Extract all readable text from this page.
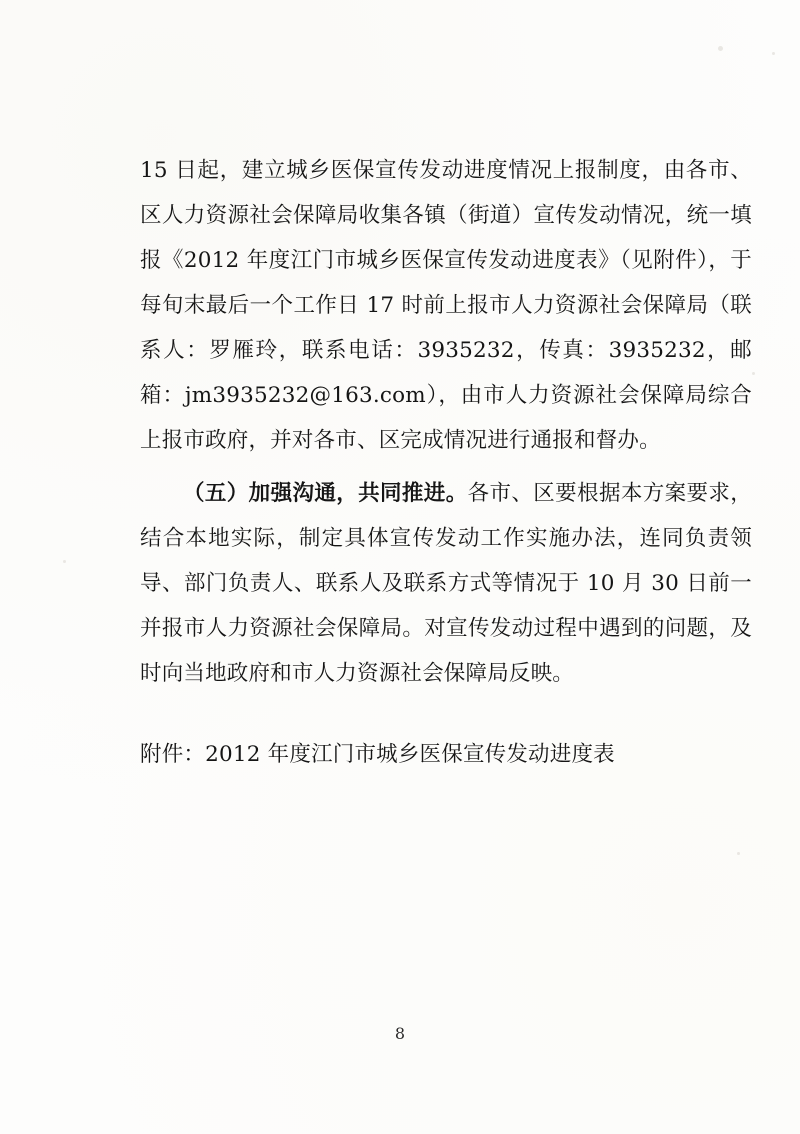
15 日起，建立城乡医保宣传发动进度情况上报制度，由各市、区人力资源社会保障局收集各镇（街道）宣传发动情况，统一填报《2012 年度江门市城乡医保宣传发动进度表》（见附件），于每旬末最后一个工作日 17 时前上报市人力资源社会保障局（联系人：罗雁玲，联系电话：3935232，传真：3935232，邮箱：jm3935232@163.com），由市人力资源社会保障局综合上报市政府，并对各市、区完成情况进行通报和督办。

（五）加强沟通，共同推进。各市、区要根据本方案要求，结合本地实际，制定具体宣传发动工作实施办法，连同负责领导、部门负责人、联系人及联系方式等情况于 10 月 30 日前一并报市人力资源社会保障局。对宣传发动过程中遇到的问题，及时向当地政府和市人力资源社会保障局反映。

附件：2012 年度江门市城乡医保宣传发动进度表

8
